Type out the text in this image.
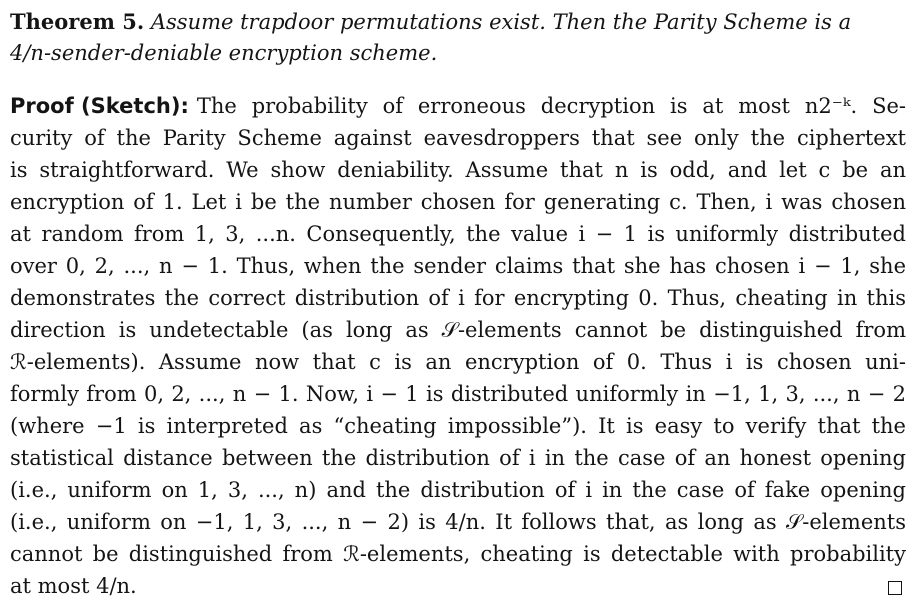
Theorem 5. Assume trapdoor permutations exist. Then the Parity Scheme is a
4/n-sender-deniable encryption scheme.
Proof (Sketch): The probability of erroneous decryption is at most n2⁻ᵏ. Se-
curity of the Parity Scheme against eavesdroppers that see only the ciphertext
is straightforward. We show deniability. Assume that n is odd, and let c be an
encryption of 1. Let i be the number chosen for generating c. Then, i was chosen
at random from 1, 3, ...n. Consequently, the value i − 1 is uniformly distributed
over 0, 2, ..., n − 1. Thus, when the sender claims that she has chosen i − 1, she
demonstrates the correct distribution of i for encrypting 0. Thus, cheating in this
direction is undetectable (as long as 𝒮-elements cannot be distinguished from
ℛ-elements). Assume now that c is an encryption of 0. Thus i is chosen uni-
formly from 0, 2, ..., n − 1. Now, i − 1 is distributed uniformly in −1, 1, 3, ..., n − 2
(where −1 is interpreted as “cheating impossible”). It is easy to verify that the
statistical distance between the distribution of i in the case of an honest opening
(i.e., uniform on 1, 3, ..., n) and the distribution of i in the case of fake opening
(i.e., uniform on −1, 1, 3, ..., n − 2) is 4/n. It follows that, as long as 𝒮-elements
cannot be distinguished from ℛ-elements, cheating is detectable with probability
at most 4/n.
